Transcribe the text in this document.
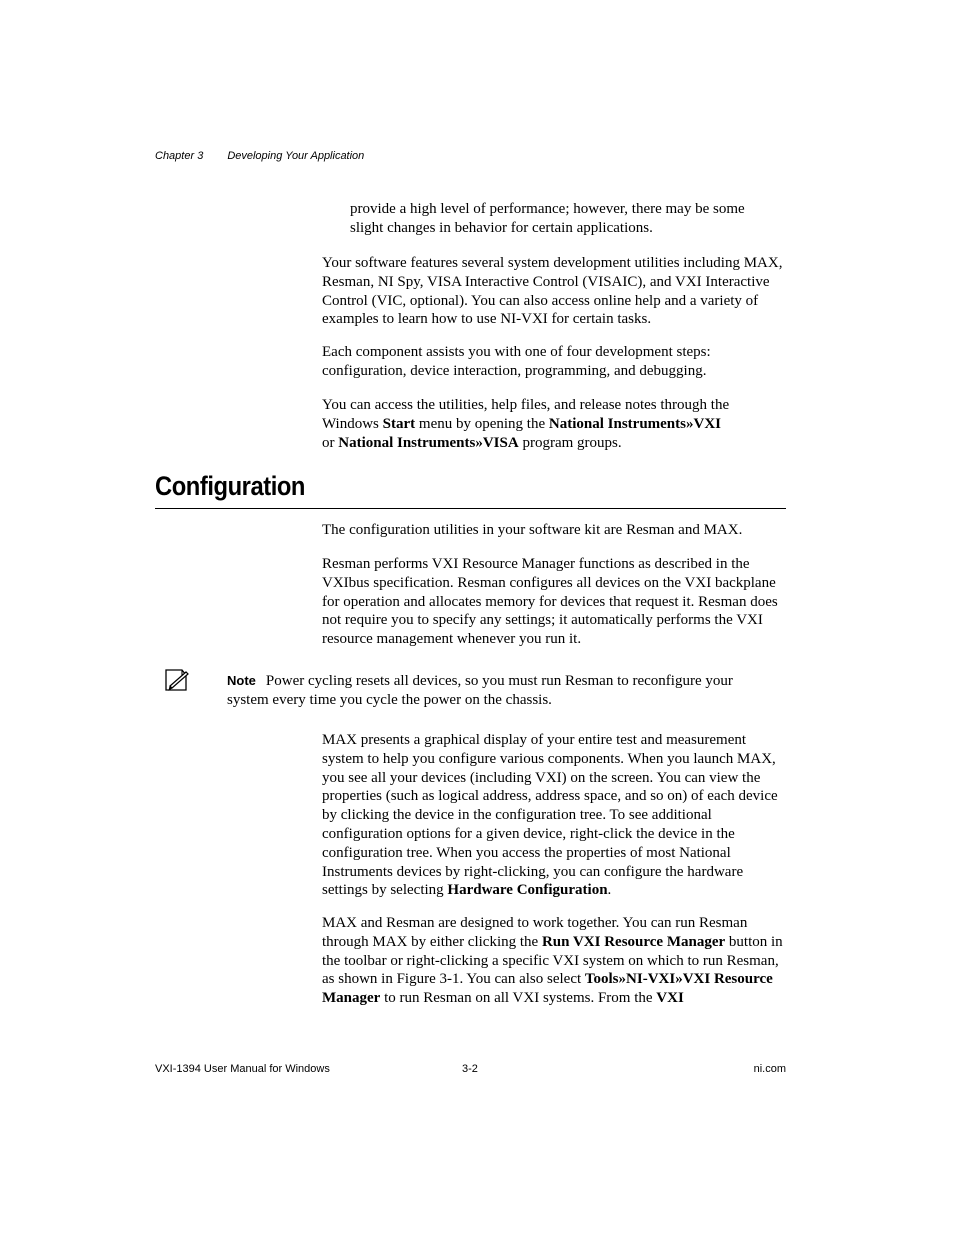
Chapter 3 Developing Your Application

provide a high level of performance; however, there may be some slight changes in behavior for certain applications.

Your software features several system development utilities including MAX, Resman, NI Spy, VISA Interactive Control (VISAIC), and VXI Interactive Control (VIC, optional). You can also access online help and a variety of examples to learn how to use NI-VXI for certain tasks.

Each component assists you with one of four development steps: configuration, device interaction, programming, and debugging.

You can access the utilities, help files, and release notes through the Windows Start menu by opening the National Instruments»VXI
or National Instruments»VISA program groups.

Configuration

The configuration utilities in your software kit are Resman and MAX.

Resman performs VXI Resource Manager functions as described in the VXIbus specification. Resman configures all devices on the VXI backplane for operation and allocates memory for devices that request it. Resman does not require you to specify any settings; it automatically performs the VXI resource management whenever you run it.

Note Power cycling resets all devices, so you must run Resman to reconfigure your system every time you cycle the power on the chassis.

MAX presents a graphical display of your entire test and measurement system to help you configure various components. When you launch MAX, you see all your devices (including VXI) on the screen. You can view the properties (such as logical address, address space, and so on) of each device by clicking the device in the configuration tree. To see additional configuration options for a given device, right-click the device in the configuration tree. When you access the properties of most National Instruments devices by right-clicking, you can configure the hardware settings by selecting Hardware Configuration.

MAX and Resman are designed to work together. You can run Resman through MAX by either clicking the Run VXI Resource Manager button in the toolbar or right-clicking a specific VXI system on which to run Resman, as shown in Figure 3-1. You can also select Tools»NI-VXI»VXI Resource Manager to run Resman on all VXI systems. From the VXI

VXI-1394 User Manual for Windows	3-2	ni.com
